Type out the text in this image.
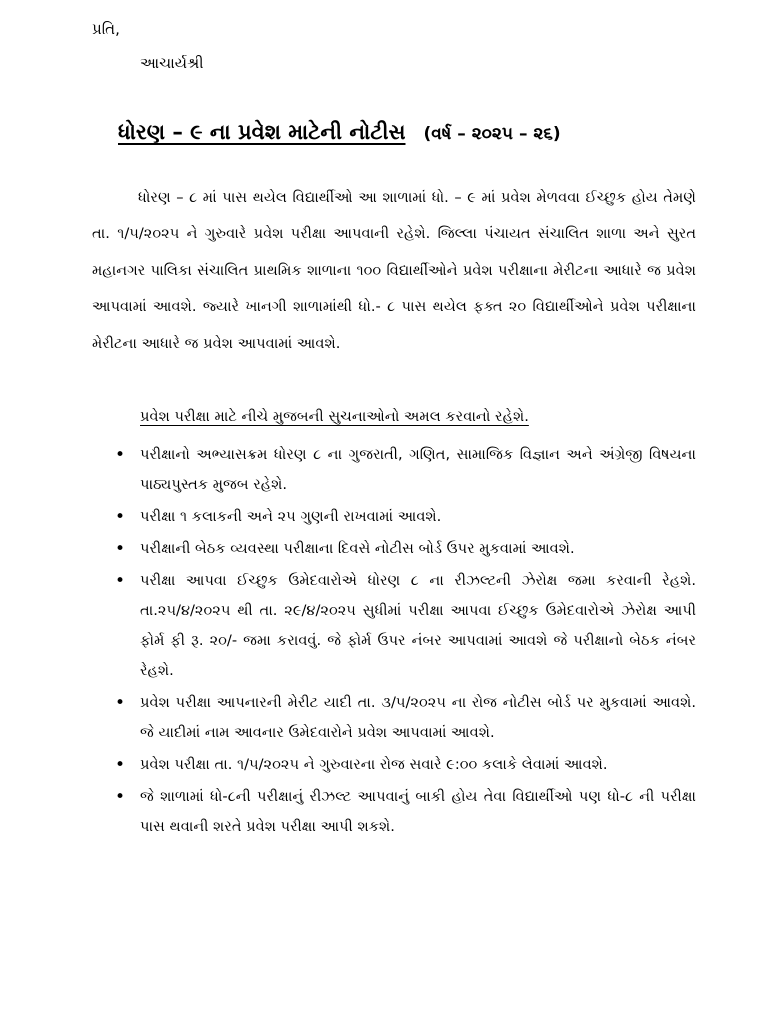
પ્રતિ,
આચાર્યશ્રી
ધોરણ – ૯ ના પ્રવેશ માટેની નોટીસ (વર્ષ – ૨૦૨૫ – ૨૬)

ધોરણ – ૮ માં પાસ થયેલ વિદ્યાર્થીઓ આ શાળામાં ધો. – ૯ માં પ્રવેશ મેળવવા ઈચ્છુક હોય તેમણે તા. ૧/૫/૨૦૨૫ ને ગુરુવારે પ્રવેશ પરીક્ષા આપવાની રહેશે. જિલ્લા પંચાયત સંચાલિત શાળા અને સુરત મહાનગર પાલિકા સંચાલિત પ્રાથમિક શાળાના ૧૦૦ વિદ્યાર્થીઓને પ્રવેશ પરીક્ષાના મેરીટના આધારે જ પ્રવેશ આપવામાં આવશે. જ્યારે ખાનગી શાળામાંથી ધો.- ૮ પાસ થયેલ ફક્ત ૨૦ વિદ્યાર્થીઓને પ્રવેશ પરીક્ષાના મેરીટના આધારે જ પ્રવેશ આપવામાં આવશે.

પ્રવેશ પરીક્ષા માટે નીચે મુજબની સુચનાઓનો અમલ કરવાનો રહેશે.
• પરીક્ષાનો અભ્યાસક્રમ ધોરણ ૮ ના ગુજરાતી, ગણિત, સામાજિક વિજ્ઞાન અને અંગ્રેજી વિષયના પાઠ્યપુસ્તક મુજબ રહેશે.
• પરીક્ષા ૧ કલાકની અને ૨૫ ગુણની રાખવામાં આવશે.
• પરીક્ષાની બેઠક વ્યવસ્થા પરીક્ષાના દિવસે નોટીસ બોર્ડ ઉપર મુકવામાં આવશે.
• પરીક્ષા આપવા ઈચ્છુક ઉમેદવારોએ ધોરણ ૮ ના રીઝલ્ટની ઝેરોક્ષ જમા કરવાની રેહશે. તા.૨૫/૪/૨૦૨૫ થી તા. ૨૯/૪/૨૦૨૫ સુધીમાં પરીક્ષા આપવા ઈચ્છુક ઉમેદવારોએ ઝેરોક્ષ આપી ફોર્મ ફી રૂ. ૨૦/- જમા કરાવવું. જે ફોર્મ ઉપર નંબર આપવામાં આવશે જે પરીક્ષાનો બેઠક નંબર રેહશે.
• પ્રવેશ પરીક્ષા આપનારની મેરીટ યાદી તા. ૩/૫/૨૦૨૫ ના રોજ નોટીસ બોર્ડ પર મુકવામાં આવશે. જે યાદીમાં નામ આવનાર ઉમેદવારોને પ્રવેશ આપવામાં આવશે.
• પ્રવેશ પરીક્ષા તા. ૧/૫/૨૦૨૫ ને ગુરુવારના રોજ સવારે ૯:૦૦ કલાકે લેવામાં આવશે.
• જે શાળામાં ધો-૮ની પરીક્ષાનું રીઝલ્ટ આપવાનું બાકી હોય તેવા વિદ્યાર્થીઓ પણ ધો-૮ ની પરીક્ષા પાસ થવાની શરતે પ્રવેશ પરીક્ષા આપી શકશે.
